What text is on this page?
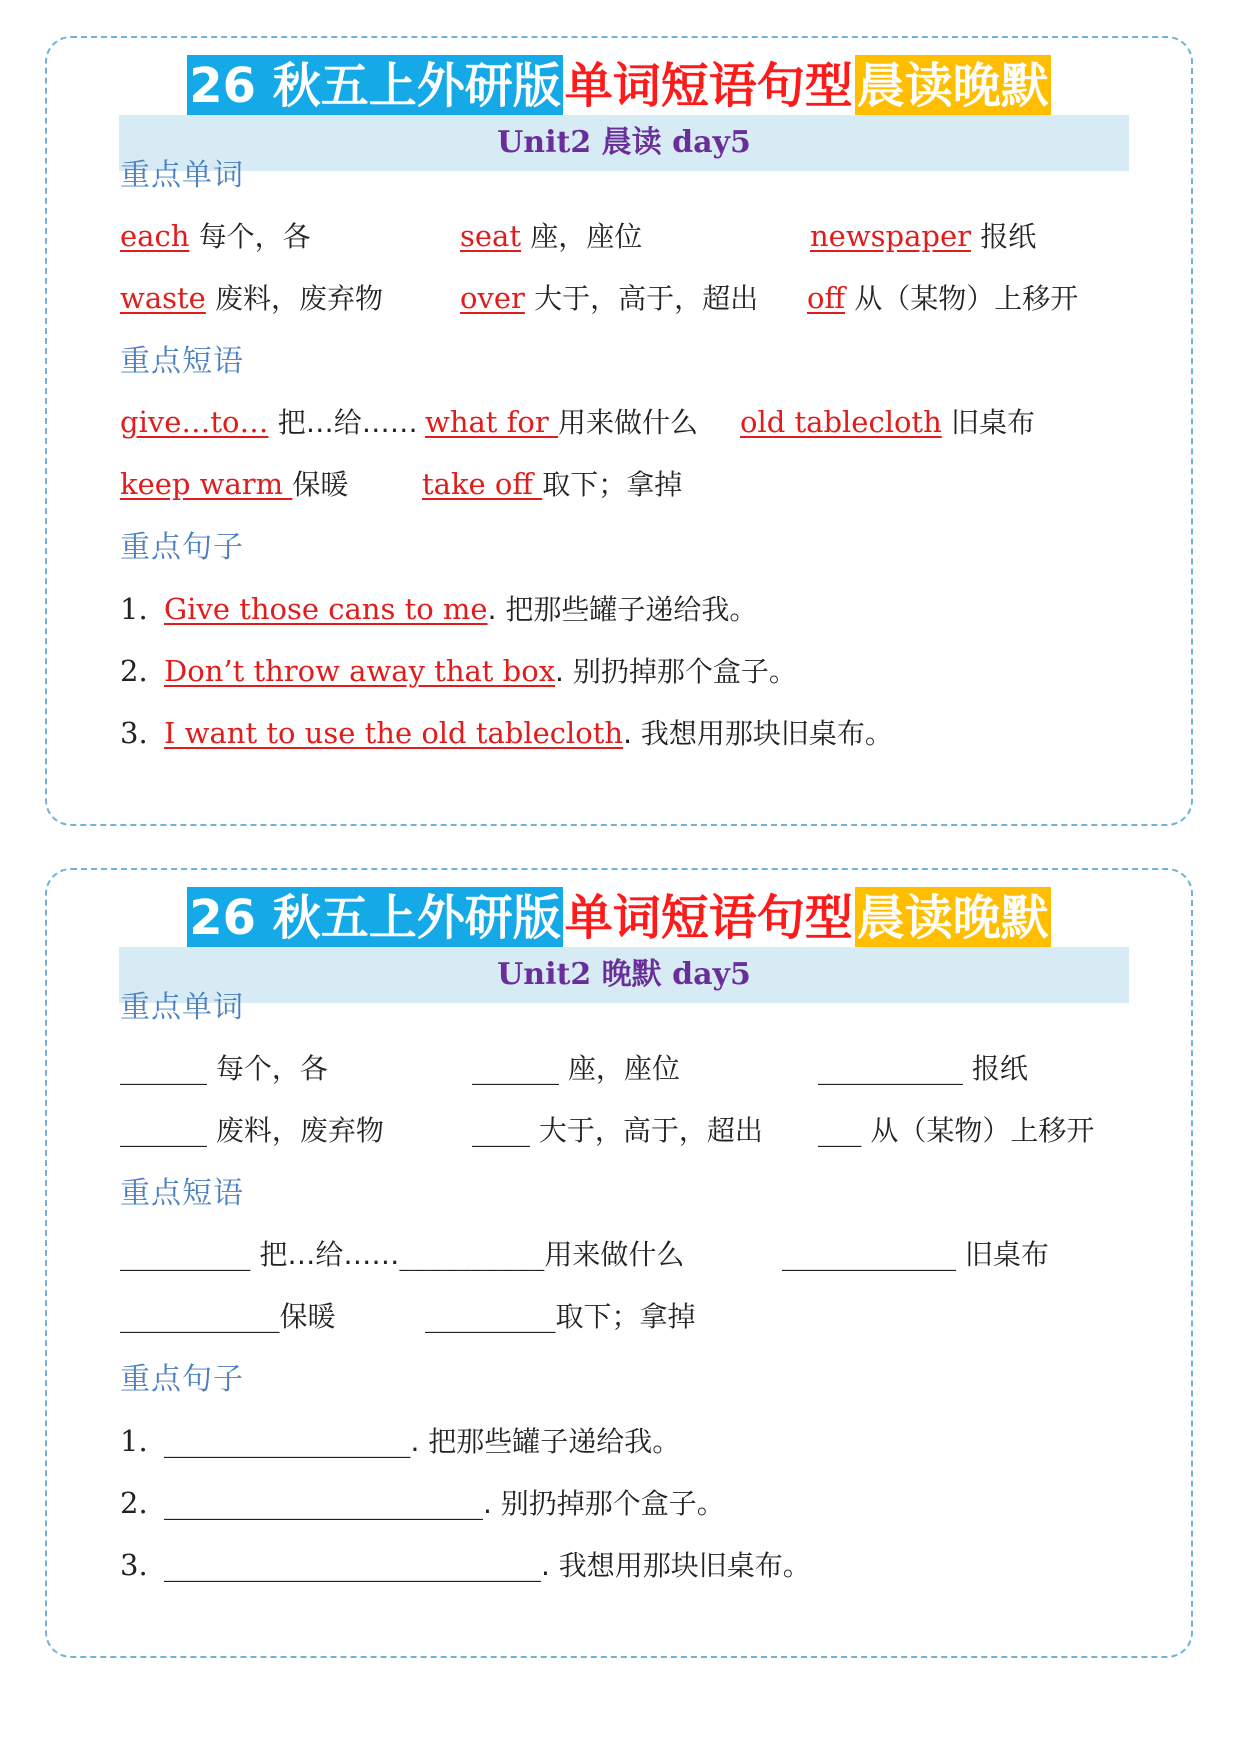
26 秋五上外研版单词短语句型晨读晚默
Unit2 晨读 day5
重点单词
each 每个，各	seat 座，座位	newspaper 报纸
waste 废料，废弃物	over 大于，高于，超出 off 从（某物）上移开
重点短语
give…to… 把…给…… what for 用来做什么 old tablecloth 旧桌布
keep warm 保暖	take off 取下；拿掉
重点句子
1. Give those cans to me. 把那些罐子递给我。
2. Don’t throw away that box. 别扔掉那个盒子。
3. I want to use the old tablecloth. 我想用那块旧桌布。
26 秋五上外研版单词短语句型晨读晚默
Unit2 晚默 day5
重点单词
______ 每个，各	______ 座，座位	__________ 报纸
______ 废料，废弃物	____ 大于，高于，超出 ___ 从（某物）上移开
重点短语
_________ 把…给……__________用来做什么	____________ 旧桌布
___________保暖	_________取下；拿掉
重点句子
1. _________________. 把那些罐子递给我。
2. ______________________. 别扔掉那个盒子。
3. __________________________. 我想用那块旧桌布。
